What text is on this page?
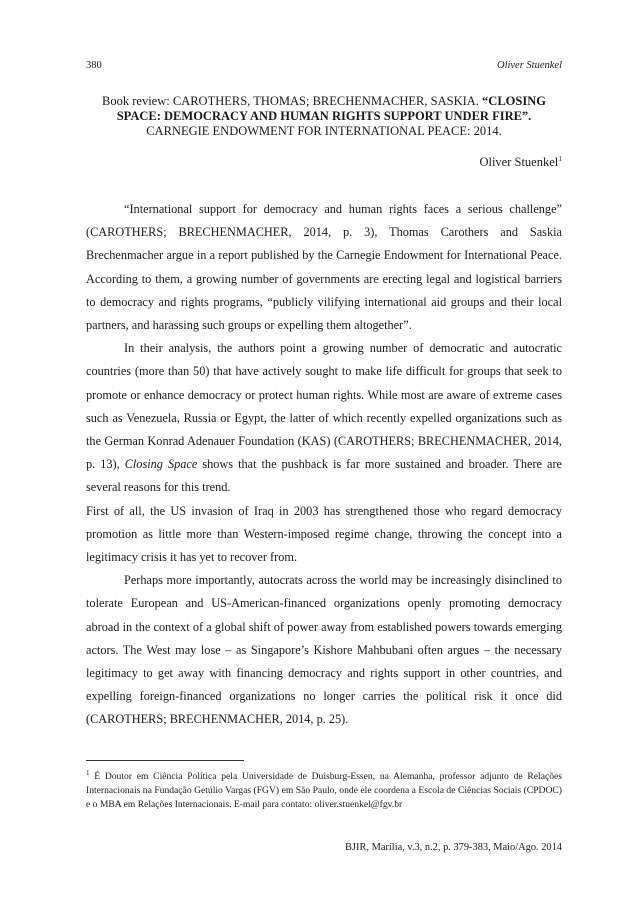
380	Oliver Stuenkel
Book review: CAROTHERS, THOMAS; BRECHENMACHER, SASKIA. “CLOSING SPACE: DEMOCRACY AND HUMAN RIGHTS SUPPORT UNDER FIRE”.
CARNEGIE ENDOWMENT FOR INTERNATIONAL PEACE: 2014.
Oliver Stuenkel$^1$

“International support for democracy and human rights faces a serious challenge” (CAROTHERS; BRECHENMACHER, 2014, p. 3), Thomas Carothers and Saskia Brechenmacher argue in a report published by the Carnegie Endowment for International Peace. According to them, a growing number of governments are erecting legal and logistical barriers to democracy and rights programs, “publicly vilifying international aid groups and their local partners, and harassing such groups or expelling them altogether”.

In their analysis, the authors point a growing number of democratic and autocratic countries (more than 50) that have actively sought to make life difficult for groups that seek to promote or enhance democracy or protect human rights. While most are aware of extreme cases such as Venezuela, Russia or Egypt, the latter of which recently expelled organizations such as the German Konrad Adenauer Foundation (KAS) (CAROTHERS; BRECHENMACHER, 2014, p. 13), Closing Space shows that the pushback is far more sustained and broader. There are several reasons for this trend.

First of all, the US invasion of Iraq in 2003 has strengthened those who regard democracy promotion as little more than Western-imposed regime change, throwing the concept into a legitimacy crisis it has yet to recover from.

Perhaps more importantly, autocrats across the world may be increasingly disinclined to tolerate European and US-American-financed organizations openly promoting democracy abroad in the context of a global shift of power away from established powers towards emerging actors. The West may lose – as Singapore’s Kishore Mahbubani often argues – the necessary legitimacy to get away with financing democracy and rights support in other countries, and expelling foreign-financed organizations no longer carries the political risk it once did (CAROTHERS; BRECHENMACHER, 2014, p. 25).

$^1$ É Doutor em Ciência Política pela Universidade de Duisburg-Essen, na Alemanha, professor adjunto de Relações Internacionais na Fundação Getúlio Vargas (FGV) em São Paulo, onde ele coordena a Escola de Ciências Sociais (CPDOC) e o MBA em Relações Internacionais. E-mail para contato: oliver.stuenkel@fgv.br
BJIR, Marília, v.3, n.2, p. 379-383, Maio/Ago. 2014
